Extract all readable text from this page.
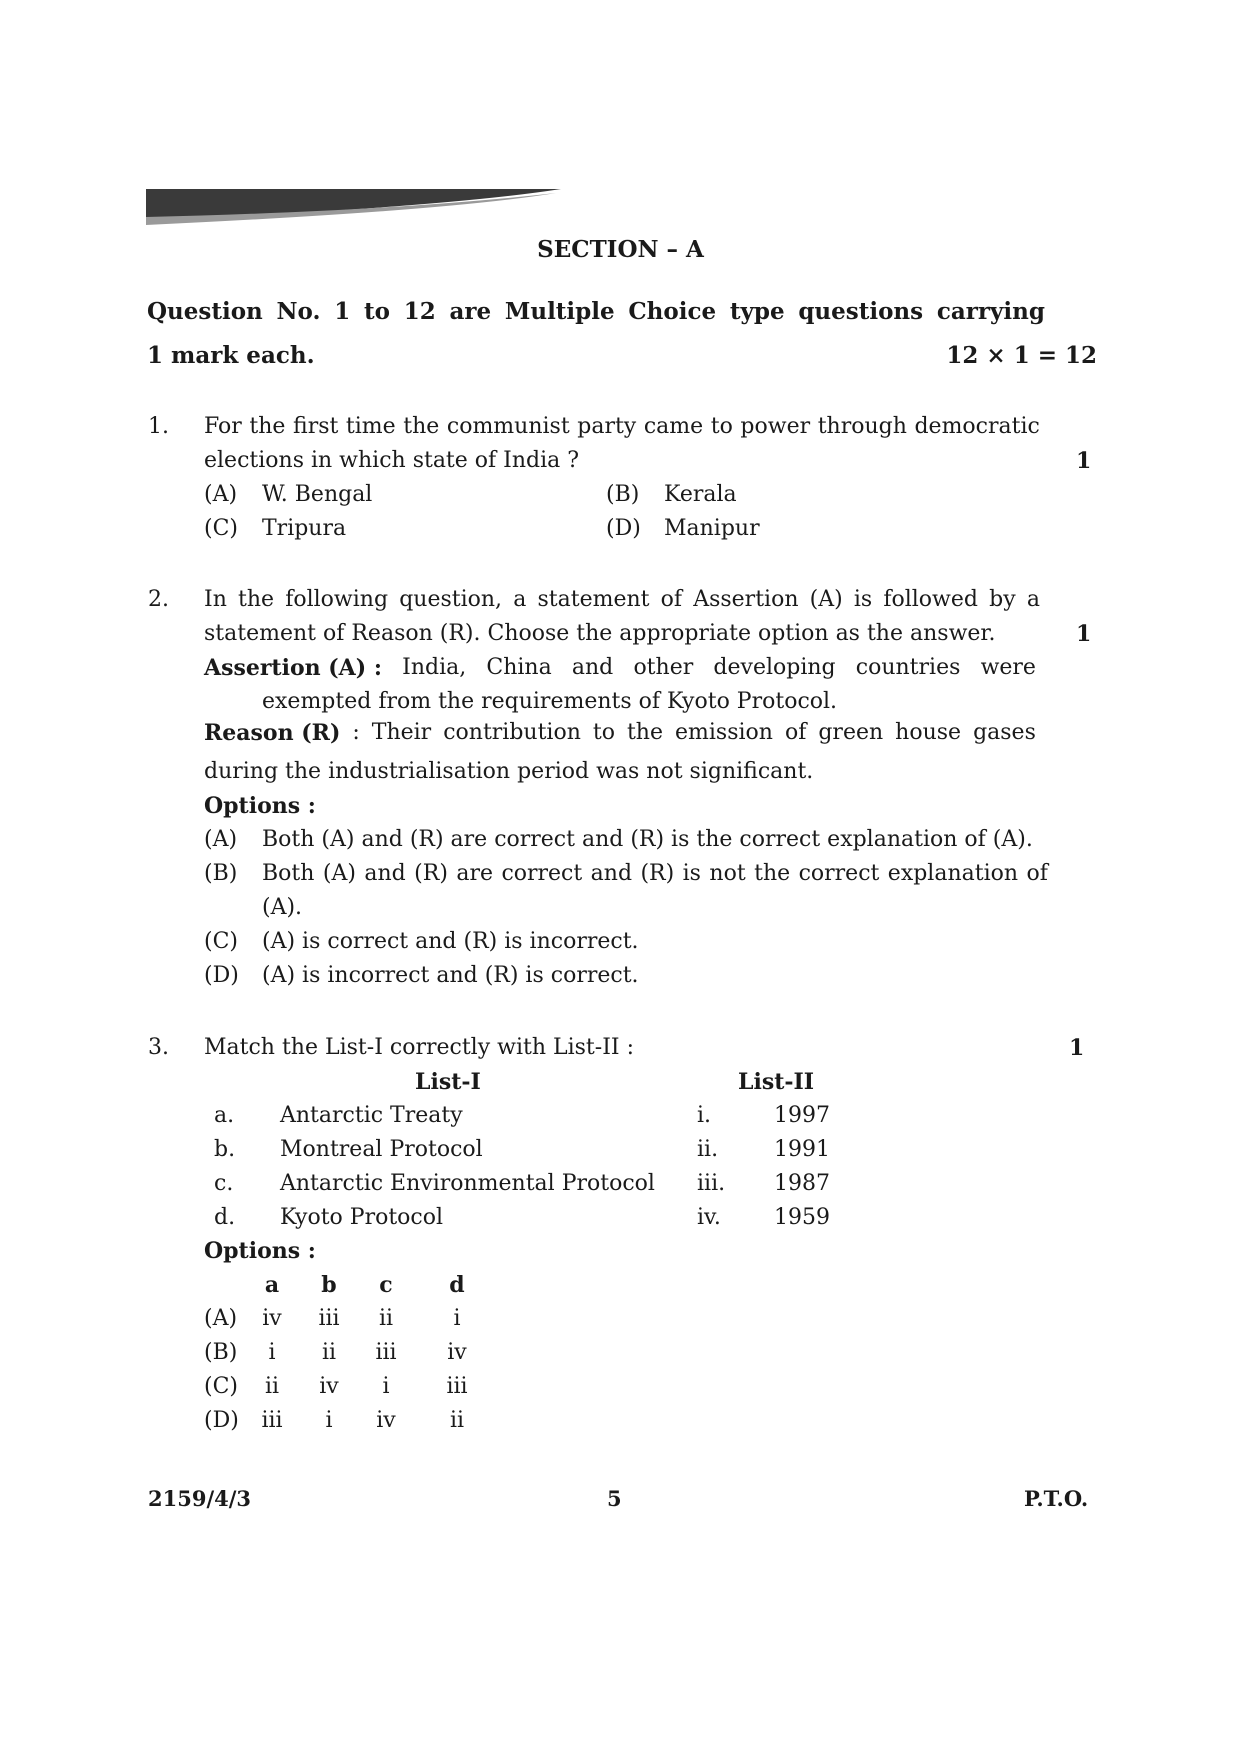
SECTION – A
Question No. 1 to 12 are Multiple Choice type questions carrying
1 mark each.	12 × 1 = 12
1. For the first time the communist party came to power through democratic
elections in which state of India ?	1
(A) W. Bengal	(B) Kerala
(C) Tripura	(D) Manipur
2. In the following question, a statement of Assertion (A) is followed by a
statement of Reason (R). Choose the appropriate option as the answer.	1
Assertion (A) : India, China and other developing countries were
exempted from the requirements of Kyoto Protocol.
Reason (R) : Their contribution to the emission of green house gases
during the industrialisation period was not significant.
Options :
(A) Both (A) and (R) are correct and (R) is the correct explanation of (A).
(B) Both (A) and (R) are correct and (R) is not the correct explanation of
(A).
(C) (A) is correct and (R) is incorrect.
(D) (A) is incorrect and (R) is correct.
3. Match the List-I correctly with List-II :	1
List-I	List-II
a. Antarctic Treaty	i.	1997
b. Montreal Protocol	ii.	1991
c. Antarctic Environmental Protocol iii. 1987
d. Kyoto Protocol	iv. 1959
Options :
a	b	c	d
(A)	iv	iii	ii	i
(B)	i	ii	iii	iv
(C)	ii	iv	i	iii
(D)	iii	i	iv	ii
2159/4/3	5	P.T.O.
